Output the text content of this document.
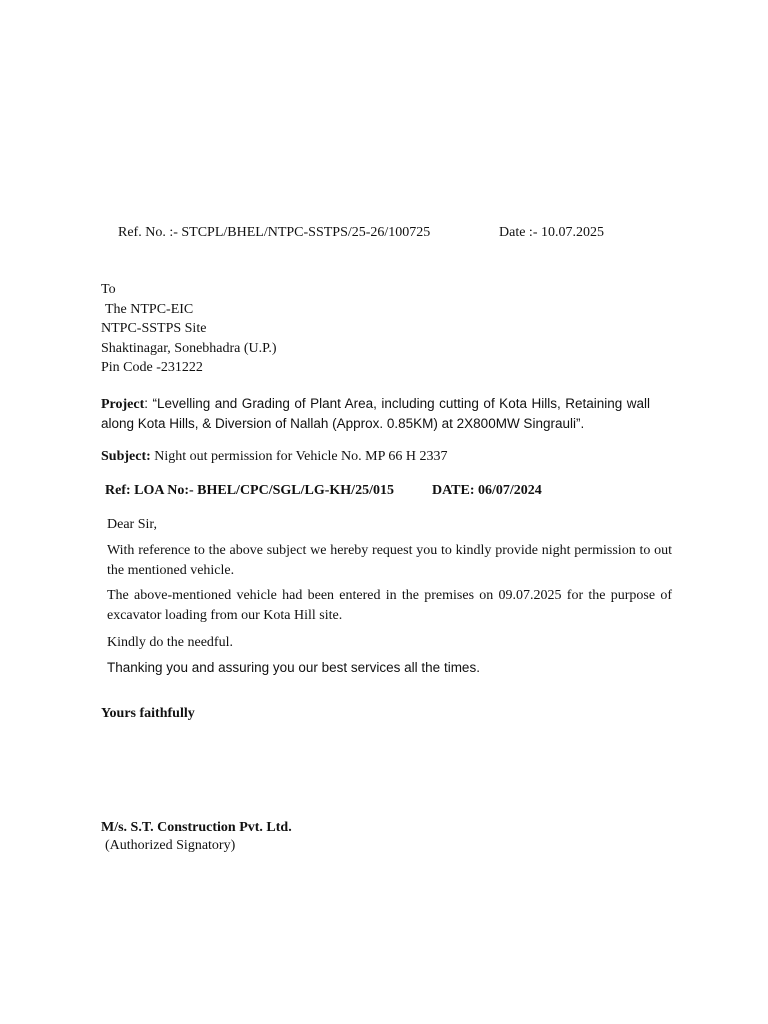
Ref. No. :- STCPL/BHEL/NTPC-SSTPS/25-26/100725	Date :- 10.07.2025
To
The NTPC-EIC
NTPC-SSTPS Site
Shaktinagar, Sonebhadra (U.P.)
Pin Code -231222
Project: “Levelling and Grading of Plant Area, including cutting of Kota Hills, Retaining wall along Kota Hills, & Diversion of Nallah (Approx. 0.85KM) at 2X800MW Singrauli”.
Subject: Night out permission for Vehicle No. MP 66 H 2337
Ref: LOA No:- BHEL/CPC/SGL/LG-KH/25/015	DATE: 06/07/2024
Dear Sir,
With reference to the above subject we hereby request you to kindly provide night permission to out the mentioned vehicle.
The above-mentioned vehicle had been entered in the premises on 09.07.2025 for the purpose of excavator loading from our Kota Hill site.
Kindly do the needful.
Thanking you and assuring you our best services all the times.
Yours faithfully
M/s. S.T. Construction Pvt. Ltd.
(Authorized Signatory)
